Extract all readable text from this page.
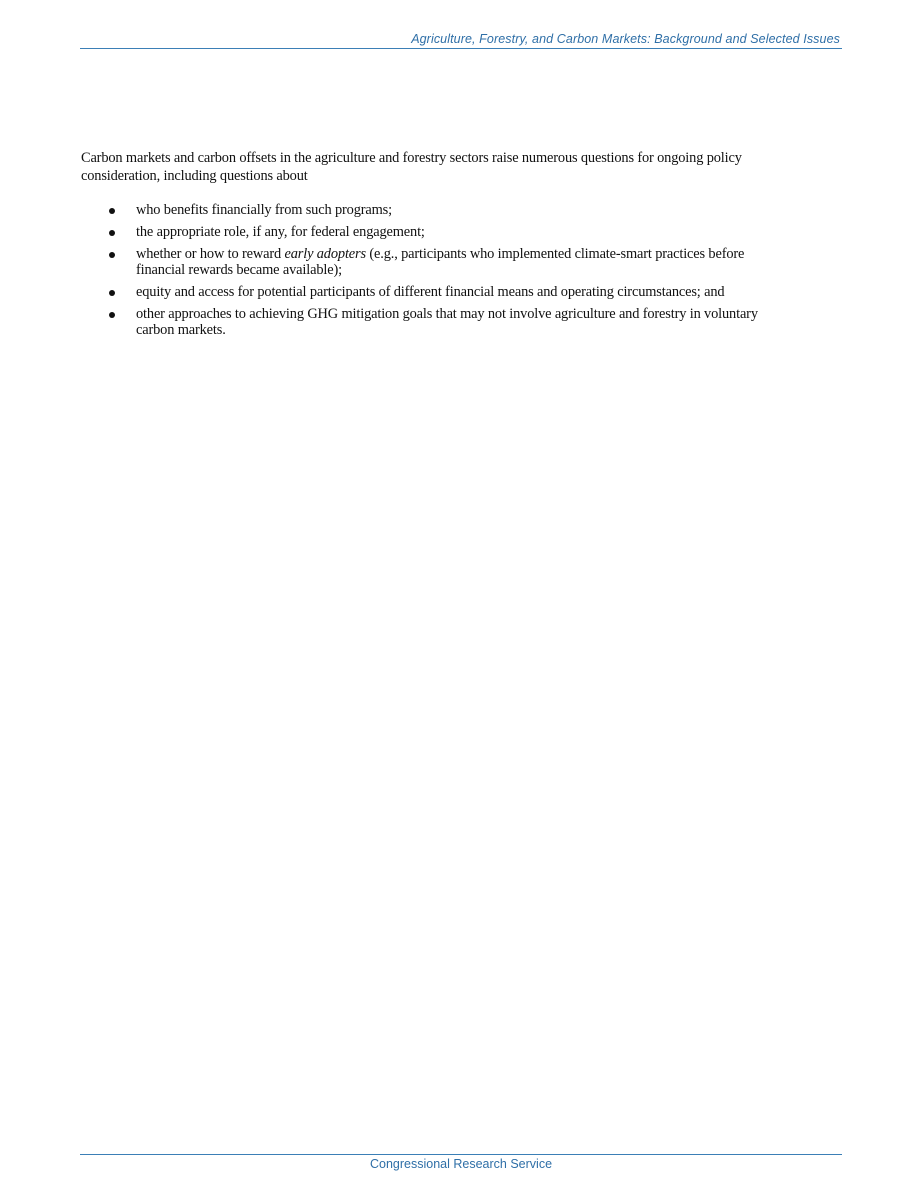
Agriculture, Forestry, and Carbon Markets: Background and Selected Issues

Carbon markets and carbon offsets in the agriculture and forestry sectors raise numerous questions for ongoing policy consideration, including questions about

who benefits financially from such programs;
the appropriate role, if any, for federal engagement;
whether or how to reward early adopters (e.g., participants who implemented climate-smart practices before financial rewards became available);
equity and access for potential participants of different financial means and operating circumstances; and
other approaches to achieving GHG mitigation goals that may not involve agriculture and forestry in voluntary carbon markets.
Congressional Research Service
